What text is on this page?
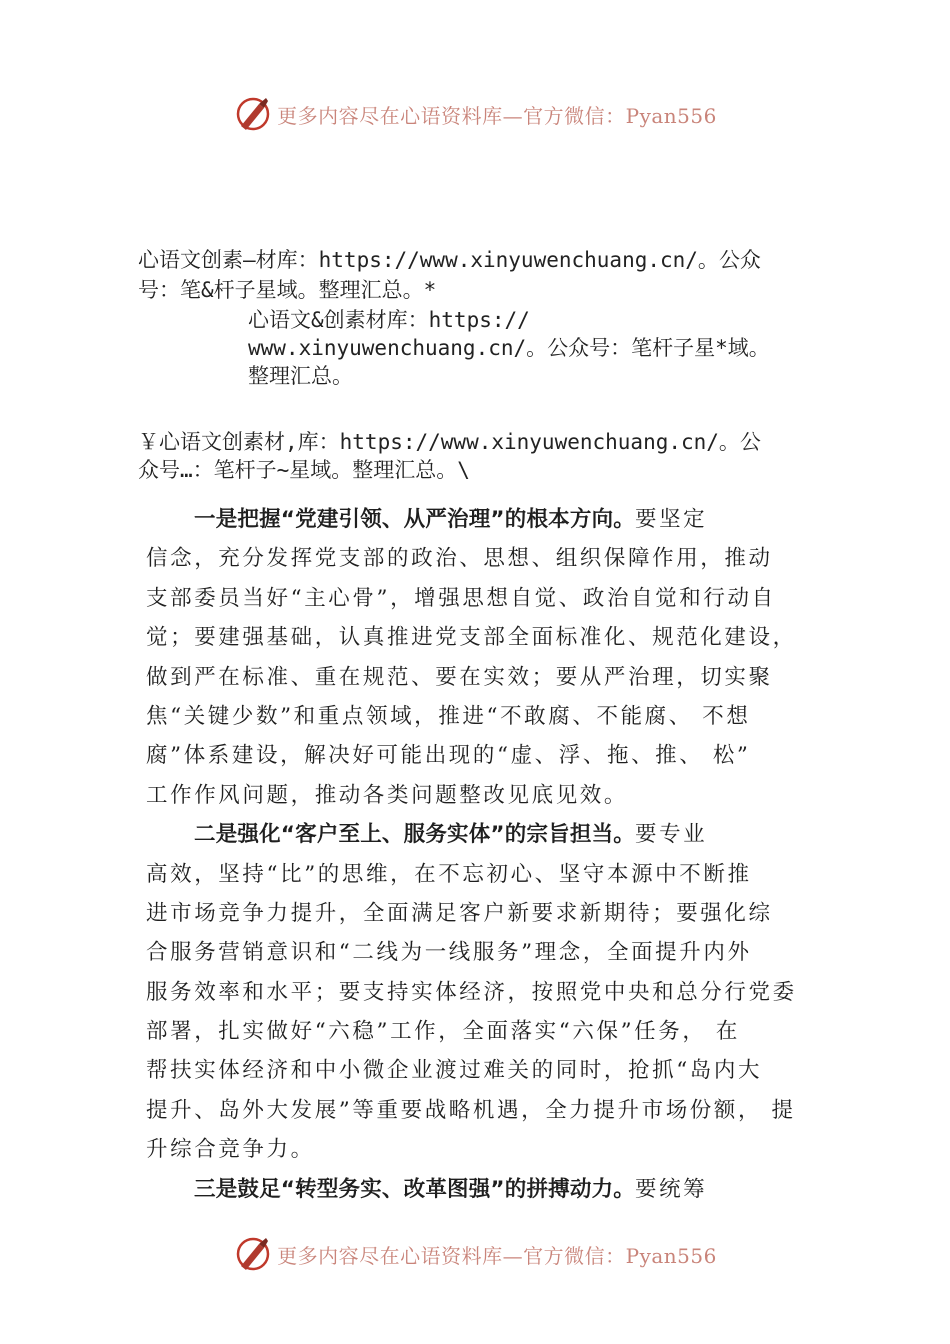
更多内容尽在心语资料库—官方微信：Pyan556
心语文创素—材库：https://www.xinyuwenchuang.cn/。公众
号：笔&杆子星域。整理汇总。*
心语文&创素材库：https://
www.xinyuwenchuang.cn/。公众号：笔杆子星*域。
整理汇总。
￥心语文创素材,库：https://www.xinyuwenchuang.cn/。公
众号…：笔杆子~星域。整理汇总。\
一是把握“党建引领、从严治理”的根本方向。要坚定
信念，充分发挥党支部的政治、思想、组织保障作用，推动
支部委员当好“主心骨”，增强思想自觉、政治自觉和行动自
觉；要建强基础，认真推进党支部全面标准化、规范化建设，
做到严在标准、重在规范、要在实效；要从严治理，切实聚
焦“关键少数”和重点领域，推进“不敢腐、不能腐、 不想
腐”体系建设，解决好可能出现的“虚、浮、拖、推、 松”
工作作风问题，推动各类问题整改见底见效。
二是强化“客户至上、服务实体”的宗旨担当。要专业
高效，坚持“比”的思维，在不忘初心、坚守本源中不断推
进市场竞争力提升，全面满足客户新要求新期待；要强化综
合服务营销意识和“二线为一线服务”理念，全面提升内外
服务效率和水平；要支持实体经济，按照党中央和总分行党委
部署，扎实做好“六稳”工作，全面落实“六保”任务， 在
帮扶实体经济和中小微企业渡过难关的同时，抢抓“岛内大
提升、岛外大发展”等重要战略机遇，全力提升市场份额， 提
升综合竞争力。
三是鼓足“转型务实、改革图强”的拼搏动力。要统筹
更多内容尽在心语资料库—官方微信：Pyan556
